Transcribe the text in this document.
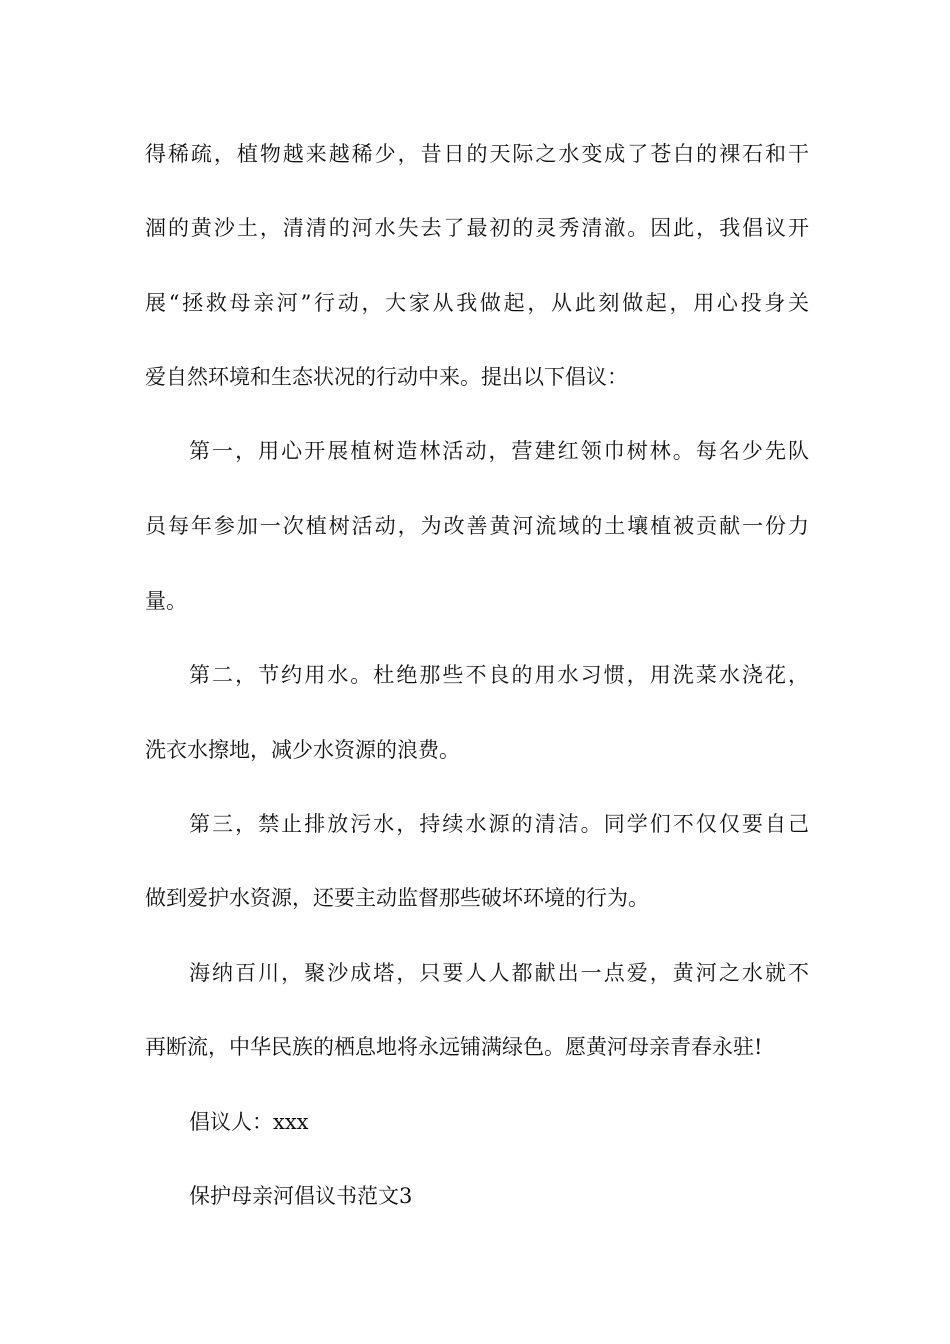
得稀疏，植物越来越稀少，昔日的天际之水变成了苍白的裸石和干
涸的黄沙土，清清的河水失去了最初的灵秀清澈。因此，我倡议开
展“拯救母亲河”行动，大家从我做起，从此刻做起，用心投身关
爱自然环境和生态状况的行动中来。提出以下倡议：
第一，用心开展植树造林活动，营建红领巾树林。每名少先队
员每年参加一次植树活动，为改善黄河流域的土壤植被贡献一份力
量。
第二，节约用水。杜绝那些不良的用水习惯，用洗菜水浇花，
洗衣水擦地，减少水资源的浪费。
第三，禁止排放污水，持续水源的清洁。同学们不仅仅要自己
做到爱护水资源，还要主动监督那些破坏环境的行为。
海纳百川，聚沙成塔，只要人人都献出一点爱，黄河之水就不
再断流，中华民族的栖息地将永远铺满绿色。愿黄河母亲青春永驻!
倡议人：xxx
保护母亲河倡议书范文3
